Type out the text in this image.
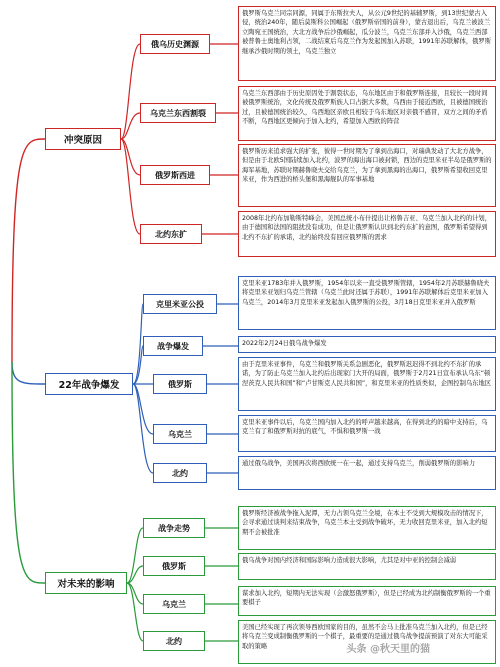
冲突原因
俄乌历史渊源
俄罗斯乌克兰同宗同源，同属于东斯拉夫人，从公元9世纪的基辅罗斯，到13世纪蒙古入侵，统治240年，随后莫斯科公国崛起（俄罗斯帝国的前身），蒙古退出后，乌克兰被波兰立陶宛王国统治，大北方战争后沙俄崛起，瓜分波兰，乌克兰东部并入沙俄，乌克兰西部被普鲁士奥地利占领，二战结束后乌克兰作为发起国加入苏联，1991年苏联解体，俄罗斯继承沙俄时期的领土，乌克兰独立
乌克兰东西割裂
乌克兰东西部由于历史原因处于割裂状态，乌东地区由于和俄罗斯连接，且较长一段时间被俄罗斯统治，文化传统及俄罗斯族人口占据大多数，乌西由于接近西欧，且被德国统治过，且被德国统治较久，乌西地区亲欧且相较于乌东地区对亲俄不感冒，双方之间的矛盾不断，乌西地区更倾向于加入北约，希望加入西欧的阵营
俄罗斯西进
俄罗斯历来追求强大的扩张，彼得一世时期为了拿到出海口，对瑞典发动了大北方战争，但是由于北欧5国陆续加入北约，波罗的海出海口被封锁，西边的克里米亚半岛是俄罗斯的海军基地，苏联时期赫鲁晓夫交给乌克兰，为了拿到黑海的出海口，俄罗斯希望收回克里米亚，作为西进的桥头堡和黑海舰队的军事基地
北约东扩
2008年北约布加勒斯特峰会，美国总统小布什提出让格鲁吉亚、乌克兰加入北约的计划，由于德国和法国的阻扰没有成功，但是让俄罗斯认识到北约东扩的意图，俄罗斯希望得到北约不东扩的承诺，北约始终没有回应俄罗斯的需求
22年战争爆发
克里米亚公投
克里米亚1783年并入俄罗斯，1954年以来一直受俄罗斯管辖，1954年2月苏联赫鲁晓夫将克里米亚划归乌克兰管辖（乌克兰此时还属于苏联），1991年苏联解体后克里米亚加入乌克兰，2014年3月克里米亚发起加入俄罗斯的公投，3月18日克里米亚并入俄罗斯
战争爆发	2022年2月24日俄乌战争爆发
俄罗斯
由于克里米亚事件，乌克兰和俄罗斯关系急剧恶化，俄罗斯迟迟得不到北约不东扩的承诺，为了防止乌克兰加入北约后出现家门大开的局面，俄罗斯于2月21日宣布承认乌东“顿涅茨克人民共和国”和“卢甘斯克人民共和国”，和克里米亚的性质类似，企图控制乌东地区
乌克兰
克里米亚事件以后，乌克兰国内加入北约的呼声越来越高，在得到北约的暗中支持后，乌克兰有了和俄罗斯对抗的底气，不惧和俄罗斯一战
北约
通过俄乌战争，美国再次将西欧统一在一起，通过支持乌克兰，削弱俄罗斯的影响力
对未来的影响
战争走势
俄罗斯经济被战争拖入泥潭，无力占领乌克兰全境，在本土不受到大规模攻击的情况下，会寻求通过谈判来结束战争，乌克兰本土受到战争破坏，无力收回克里米亚，加入北约短期不会被批准
俄罗斯
俄乌战争对国内经济和国际影响力造成很大影响，尤其是对中亚的控制会减弱
乌克兰
谋求加入北约，短期内无法实现（会激怒俄罗斯），但是已经成为北约制衡俄罗斯的一个重要棋子
北约
美国已经实现了再次领导西欧国家的目的，虽然不会马上批准乌克兰加入北约，但是已经将乌克兰变成制衡俄罗斯的一个棋子，最重要的是通过俄乌战争提前预演了对东大可能采取的策略	头条 @秋天里的猫
